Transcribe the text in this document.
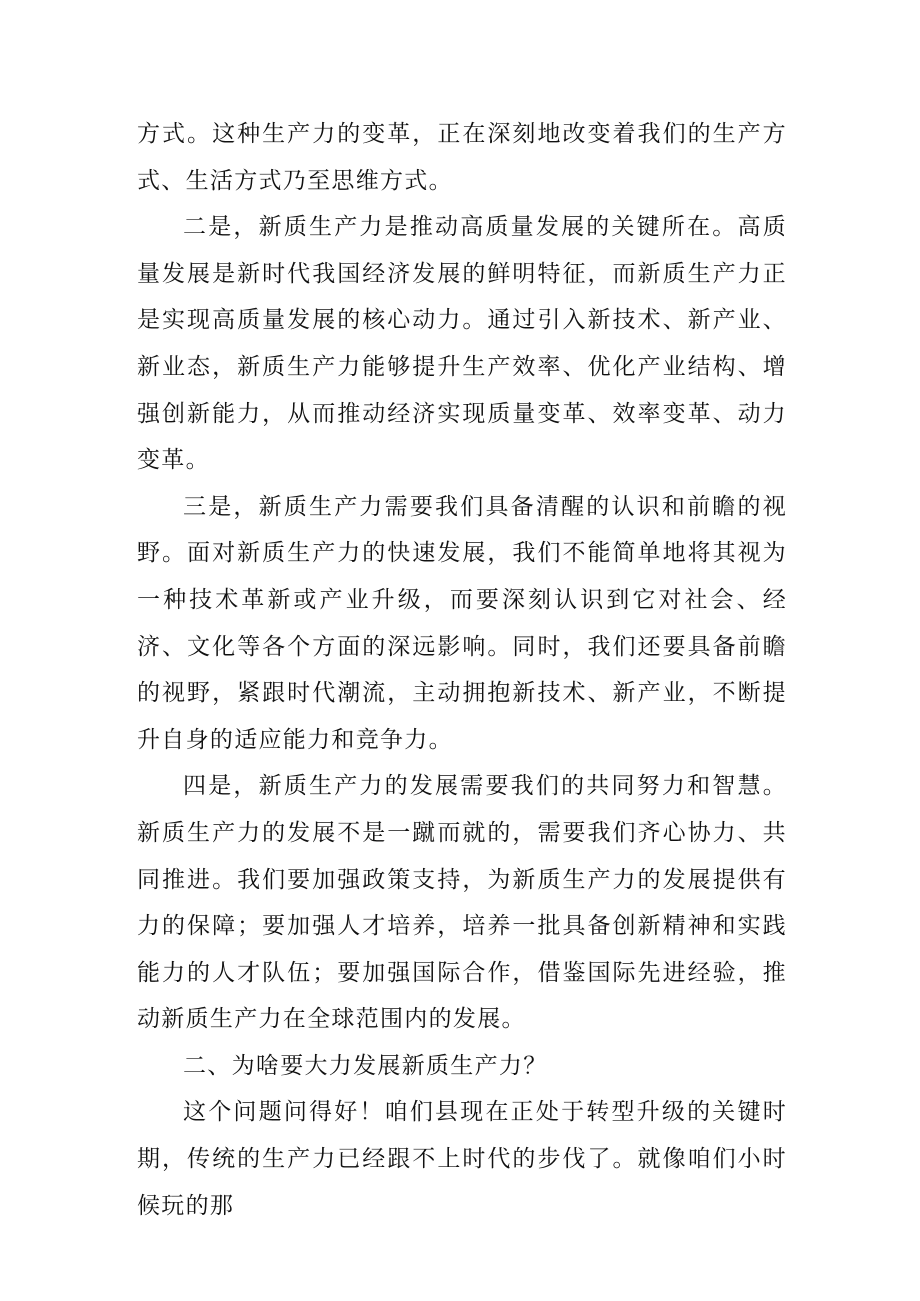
方式。这种生产力的变革，正在深刻地改变着我们的生产方式、生活方式乃至思维方式。

二是，新质生产力是推动高质量发展的关键所在。高质量发展是新时代我国经济发展的鲜明特征，而新质生产力正是实现高质量发展的核心动力。通过引入新技术、新产业、新业态，新质生产力能够提升生产效率、优化产业结构、增强创新能力，从而推动经济实现质量变革、效率变革、动力变革。

三是，新质生产力需要我们具备清醒的认识和前瞻的视野。面对新质生产力的快速发展，我们不能简单地将其视为一种技术革新或产业升级，而要深刻认识到它对社会、经济、文化等各个方面的深远影响。同时，我们还要具备前瞻的视野，紧跟时代潮流，主动拥抱新技术、新产业，不断提升自身的适应能力和竞争力。

四是，新质生产力的发展需要我们的共同努力和智慧。新质生产力的发展不是一蹴而就的，需要我们齐心协力、共同推进。我们要加强政策支持，为新质生产力的发展提供有力的保障；要加强人才培养，培养一批具备创新精神和实践能力的人才队伍；要加强国际合作，借鉴国际先进经验，推动新质生产力在全球范围内的发展。

二、为啥要大力发展新质生产力？

这个问题问得好！咱们县现在正处于转型升级的关键时期，传统的生产力已经跟不上时代的步伐了。就像咱们小时候玩的那
